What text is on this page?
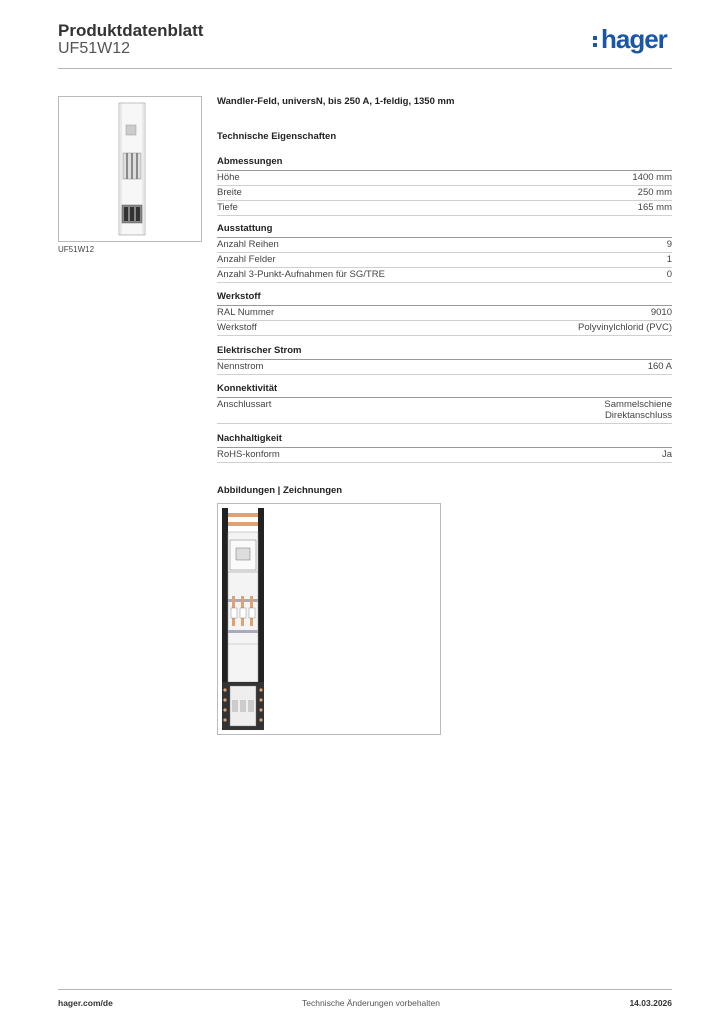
Produktdatenblatt
UF51W12	hager
UF51W12
Wandler-Feld, universN, bis 250 A, 1-feldig, 1350 mm
Technische Eigenschaften
Abmessungen
Höhe	1400 mm
Breite	250 mm
Tiefe	165 mm
Ausstattung
Anzahl Reihen	9
Anzahl Felder	1
Anzahl 3-Punkt-Aufnahmen für SG/TRE	0
Werkstoff
RAL Nummer	9010
Werkstoff	Polyvinylchlorid (PVC)
Elektrischer Strom
Nennstrom	160 A
Konnektivität
Anschlussart	Sammelschiene
Direktanschluss
Nachhaltigkeit
RoHS-konform	Ja
Abbildungen | Zeichnungen
hager.com/de	Technische Änderungen vorbehalten	14.03.2026
